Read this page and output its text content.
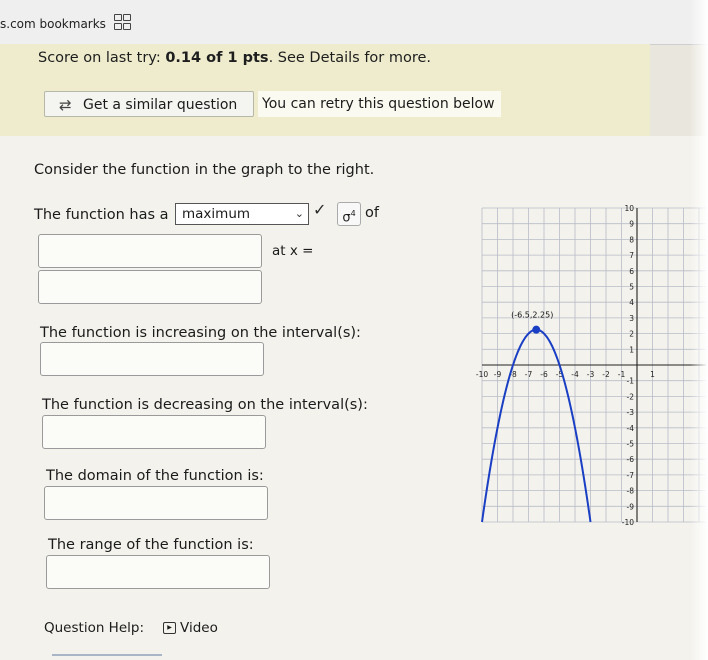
s.com bookmarks
Score on last try: 0.14 of 1 pts. See Details for more.
⇄ Get a similar question	You can retry this question below
Consider the function in the graph to the right.
The function has a maximum	⌄ ✓	$\sigma^4$ of
at x =
The function is increasing on the interval(s):
The function is decreasing on the interval(s):
The domain of the function is:
The range of the function is:
-10 -9 -8 -7 -6 -5 -4 -3 -2 -1	1
10
9
8
7
6
5
4
3
2
1
-1
-2
-3
-4
-5
-6
-7
-8
-9
-10
(-6.5,2.25)
Question Help:	▶ Video
